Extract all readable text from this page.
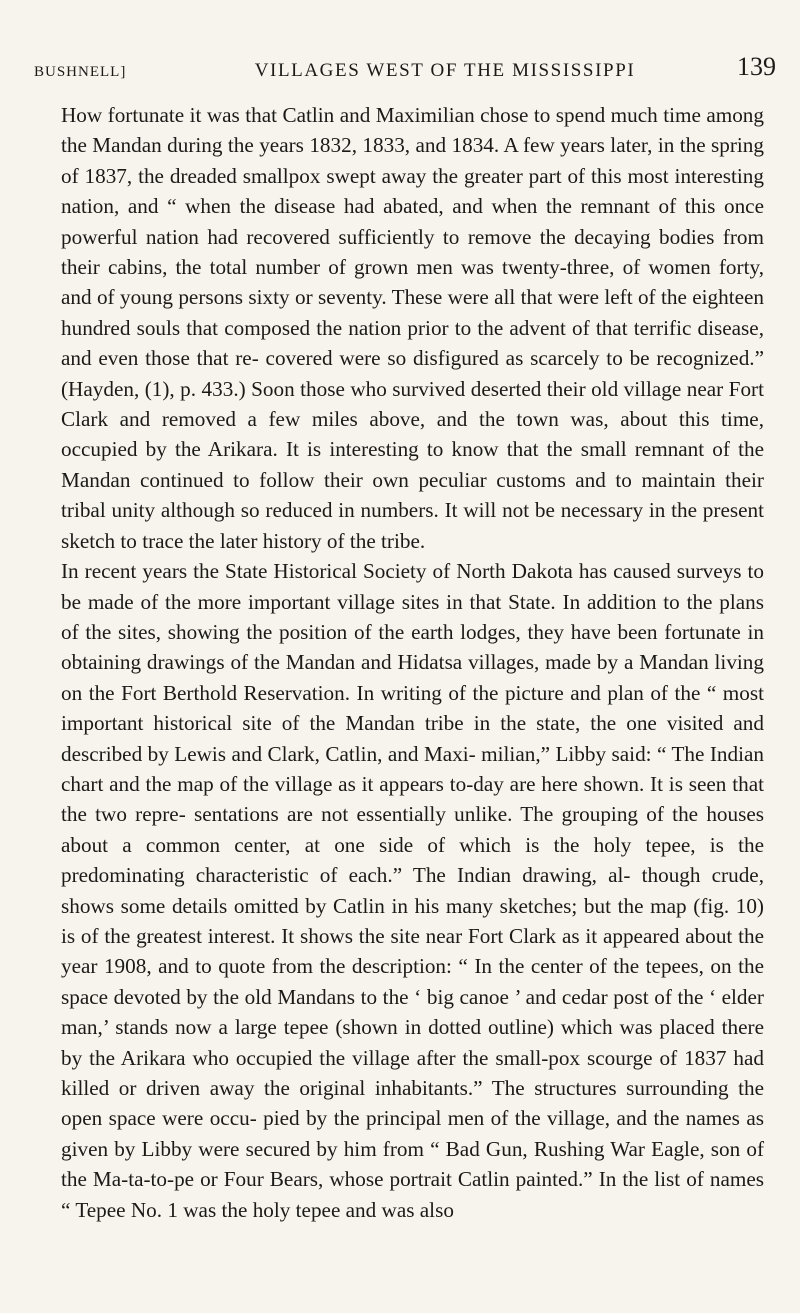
BUSHNELL]	VILLAGES WEST OF THE MISSISSIPPI	139

How fortunate it was that Catlin and Maximilian chose to spend much time among the Mandan during the years 1832, 1833, and 1834. A few years later, in the spring of 1837, the dreaded smallpox swept away the greater part of this most interesting nation, and “ when the disease had abated, and when the remnant of this once powerful nation had recovered sufficiently to remove the decaying bodies from their cabins, the total number of grown men was twenty-three, of women forty, and of young persons sixty or seventy. These were all that were left of the eighteen hundred souls that composed the nation prior to the advent of that terrific disease, and even those that re- covered were so disfigured as scarcely to be recognized.” (Hayden, (1), p. 433.) Soon those who survived deserted their old village near Fort Clark and removed a few miles above, and the town was, about this time, occupied by the Arikara. It is interesting to know that the small remnant of the Mandan continued to follow their own peculiar customs and to maintain their tribal unity although so reduced in numbers. It will not be necessary in the present sketch to trace the later history of the tribe.

In recent years the State Historical Society of North Dakota has caused surveys to be made of the more important village sites in that State. In addition to the plans of the sites, showing the position of the earth lodges, they have been fortunate in obtaining drawings of the Mandan and Hidatsa villages, made by a Mandan living on the Fort Berthold Reservation. In writing of the picture and plan of the “ most important historical site of the Mandan tribe in the state, the one visited and described by Lewis and Clark, Catlin, and Maxi- milian,” Libby said: “ The Indian chart and the map of the village as it appears to-day are here shown. It is seen that the two repre- sentations are not essentially unlike. The grouping of the houses about a common center, at one side of which is the holy tepee, is the predominating characteristic of each.” The Indian drawing, al- though crude, shows some details omitted by Catlin in his many sketches; but the map (fig. 10) is of the greatest interest. It shows the site near Fort Clark as it appeared about the year 1908, and to quote from the description: “ In the center of the tepees, on the space devoted by the old Mandans to the ‘ big canoe ’ and cedar post of the ‘ elder man,’ stands now a large tepee (shown in dotted outline) which was placed there by the Arikara who occupied the village after the small-pox scourge of 1837 had killed or driven away the original inhabitants.” The structures surrounding the open space were occu- pied by the principal men of the village, and the names as given by Libby were secured by him from “ Bad Gun, Rushing War Eagle, son of the Ma-ta-to-pe or Four Bears, whose portrait Catlin painted.” In the list of names “ Tepee No. 1 was the holy tepee and was also
